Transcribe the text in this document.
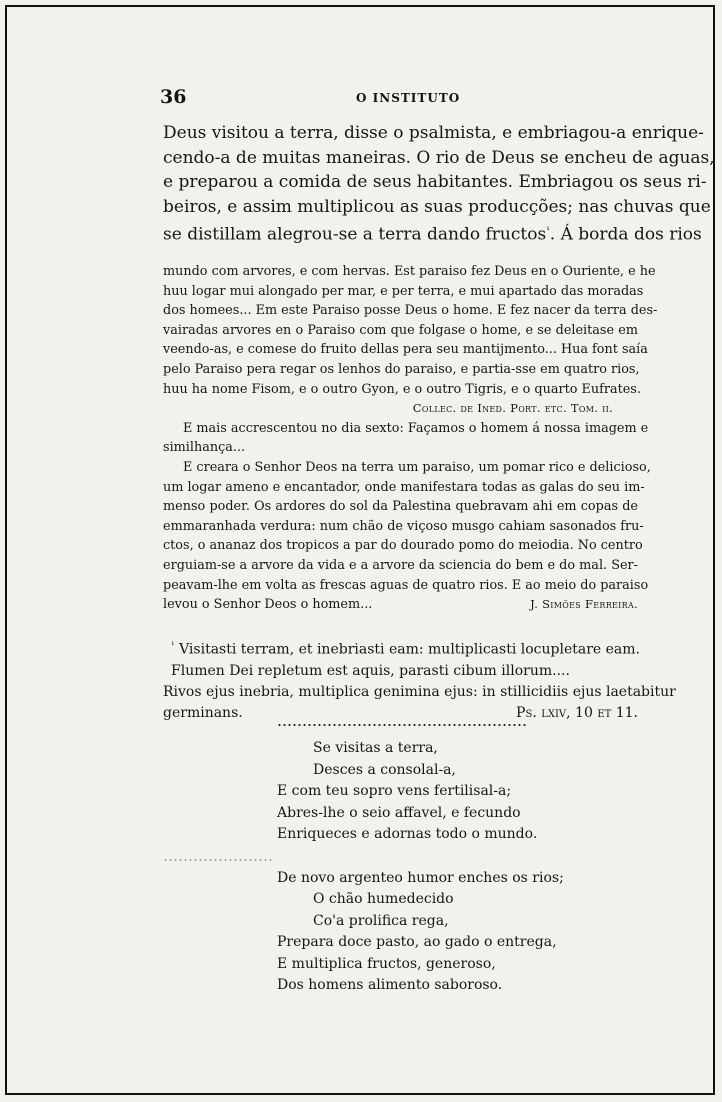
36	O INSTITUTO
Deus visitou a terra, disse o psalmista, e embriagou-a enrique-
cendo-a de muitas maneiras. O rio de Deus se encheu de aguas,
e preparou a comida de seus habitantes. Embriagou os seus ri-
beiros, e assim multiplicou as suas producções; nas chuvas que
se distillam alegrou-se a terra dando fructos$^{^1}$. Á borda dos rios
mundo com arvores, e com hervas. Est paraiso fez Deus en o Ouriente, e he
huu logar mui alongado per mar, e per terra, e mui apartado das moradas
dos homees... Em este Paraiso posse Deus o home. E fez nacer da terra des-
vairadas arvores en o Paraiso com que folgase o home, e se deleitase em
veendo-as, e comese do fruito dellas pera seu mantijmento... Hua font saía
pelo Paraiso pera regar os lenhos do paraiso, e partia-sse em quatro rios,
huu ha nome Fisom, e o outro Gyon, e o outro Tigris, e o quarto Eufrates.
Collec. de Ined. Port. etc. Tom. ii.
E mais accrescentou no dia sexto: Façamos o homem á nossa imagem e
similhança...
E creara o Senhor Deos na terra um paraiso, um pomar rico e delicioso,
um logar ameno e encantador, onde manifestara todas as galas do seu im-
menso poder. Os ardores do sol da Palestina quebravam ahi em copas de
emmaranhada verdura: num chão de viçoso musgo cahiam sasonados fru-
ctos, o ananaz dos tropicos a par do dourado pomo do meiodia. No centro
erguiam-se a arvore da vida e a arvore da sciencia do bem e do mal. Ser-
peavam-lhe em volta as frescas aguas de quatro rios. E ao meio do paraiso
levou o Senhor Deos o homem...	J. Simões Ferreira.
$^{^1}$ Visitasti terram, et inebriasti eam: multiplicasti locupletare eam.
Flumen Dei repletum est aquis, parasti cibum illorum....
Rivos ejus inebria, multiplica genimina ejus: in stillicidiis ejus laetabitur
germinans.	Ps. lxiv, 10 et 11.
Se visitas a terra,
Desces a consolal-a,
E com teu sopro vens fertilisal-a;
Abres-lhe o seio affavel, e fecundo
Enriqueces e adornas todo o mundo.
De novo argenteo humor enches os rios;
O chão humedecido
Co'a prolifica rega,
Prepara doce pasto, ao gado o entrega,
E multiplica fructos, generoso,
Dos homens alimento saboroso.
